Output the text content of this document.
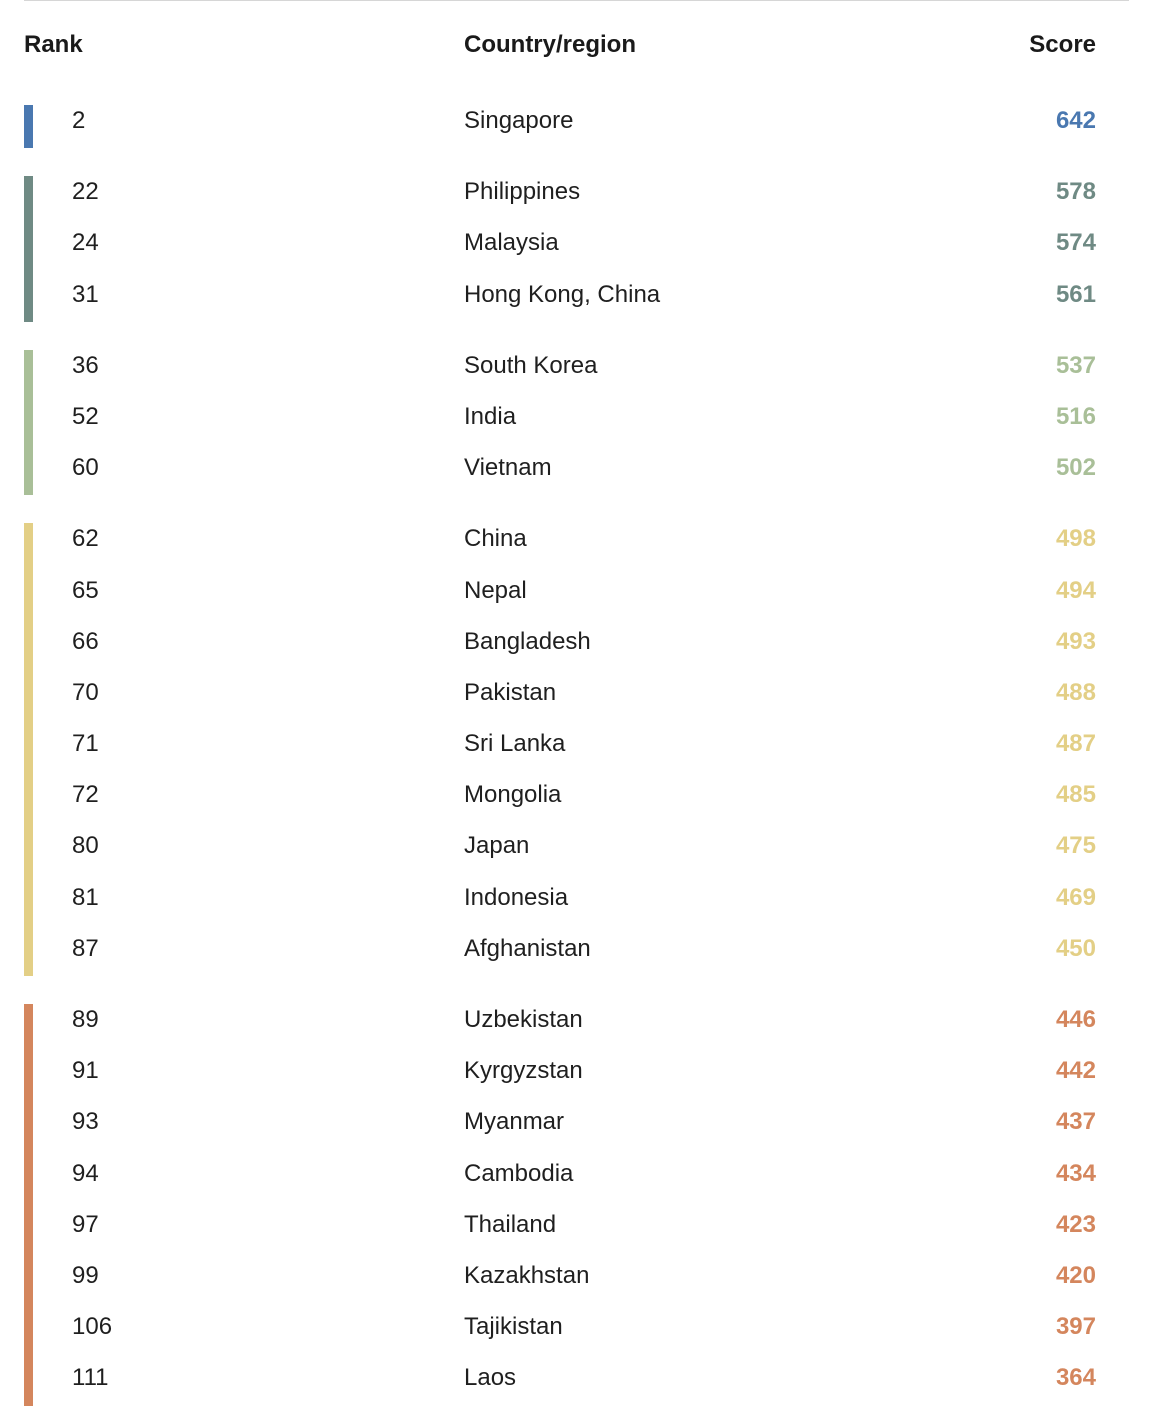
Rank	Country/region	Score
2	Singapore	642
22	Philippines	578
24	Malaysia	574
31	Hong Kong, China	561
36	South Korea	537
52	India	516
60	Vietnam	502
62	China	498
65	Nepal	494
66	Bangladesh	493
70	Pakistan	488
71	Sri Lanka	487
72	Mongolia	485
80	Japan	475
81	Indonesia	469
87	Afghanistan	450
89	Uzbekistan	446
91	Kyrgyzstan	442
93	Myanmar	437
94	Cambodia	434
97	Thailand	423
99	Kazakhstan	420
106	Tajikistan	397
111	Laos	364
